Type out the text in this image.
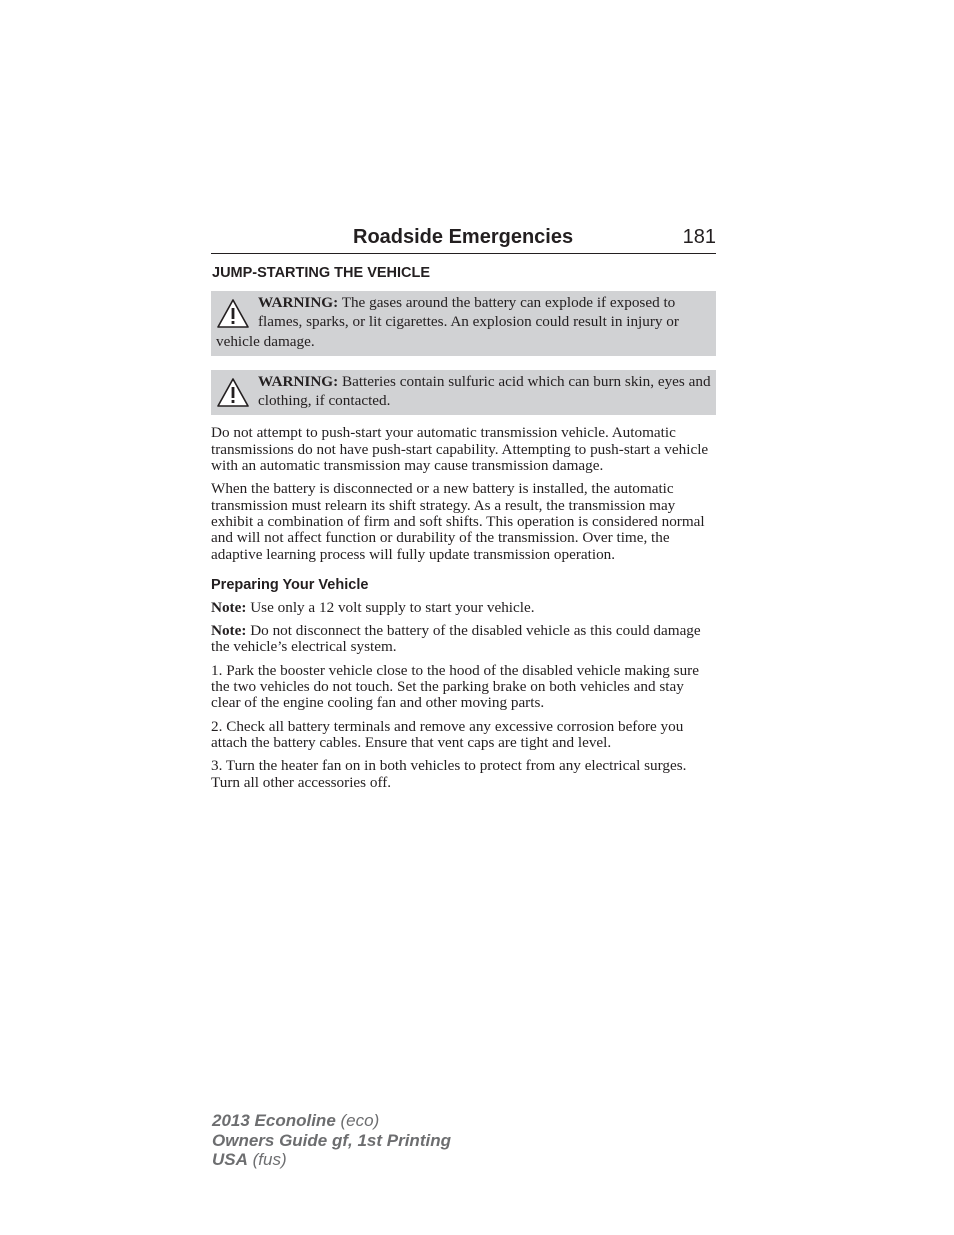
Roadside Emergencies	181
JUMP-STARTING THE VEHICLE
WARNING: The gases around the battery can explode if exposed to flames, sparks, or lit cigarettes. An explosion could result in injury or vehicle damage.
WARNING: Batteries contain sulfuric acid which can burn skin, eyes and clothing, if contacted.

Do not attempt to push-start your automatic transmission vehicle. Automatic transmissions do not have push-start capability. Attempting to push-start a vehicle with an automatic transmission may cause transmission damage.

When the battery is disconnected or a new battery is installed, the automatic transmission must relearn its shift strategy. As a result, the transmission may exhibit a combination of firm and soft shifts. This operation is considered normal and will not affect function or durability of the transmission. Over time, the adaptive learning process will fully update transmission operation.

Preparing Your Vehicle

Note: Use only a 12 volt supply to start your vehicle.

Note: Do not disconnect the battery of the disabled vehicle as this could damage the vehicle’s electrical system.

1. Park the booster vehicle close to the hood of the disabled vehicle making sure the two vehicles do not touch. Set the parking brake on both vehicles and stay clear of the engine cooling fan and other moving parts.

2. Check all battery terminals and remove any excessive corrosion before you attach the battery cables. Ensure that vent caps are tight and level.

3. Turn the heater fan on in both vehicles to protect from any electrical surges. Turn all other accessories off.

2013 Econoline (eco)
Owners Guide gf, 1st Printing
USA (fus)
